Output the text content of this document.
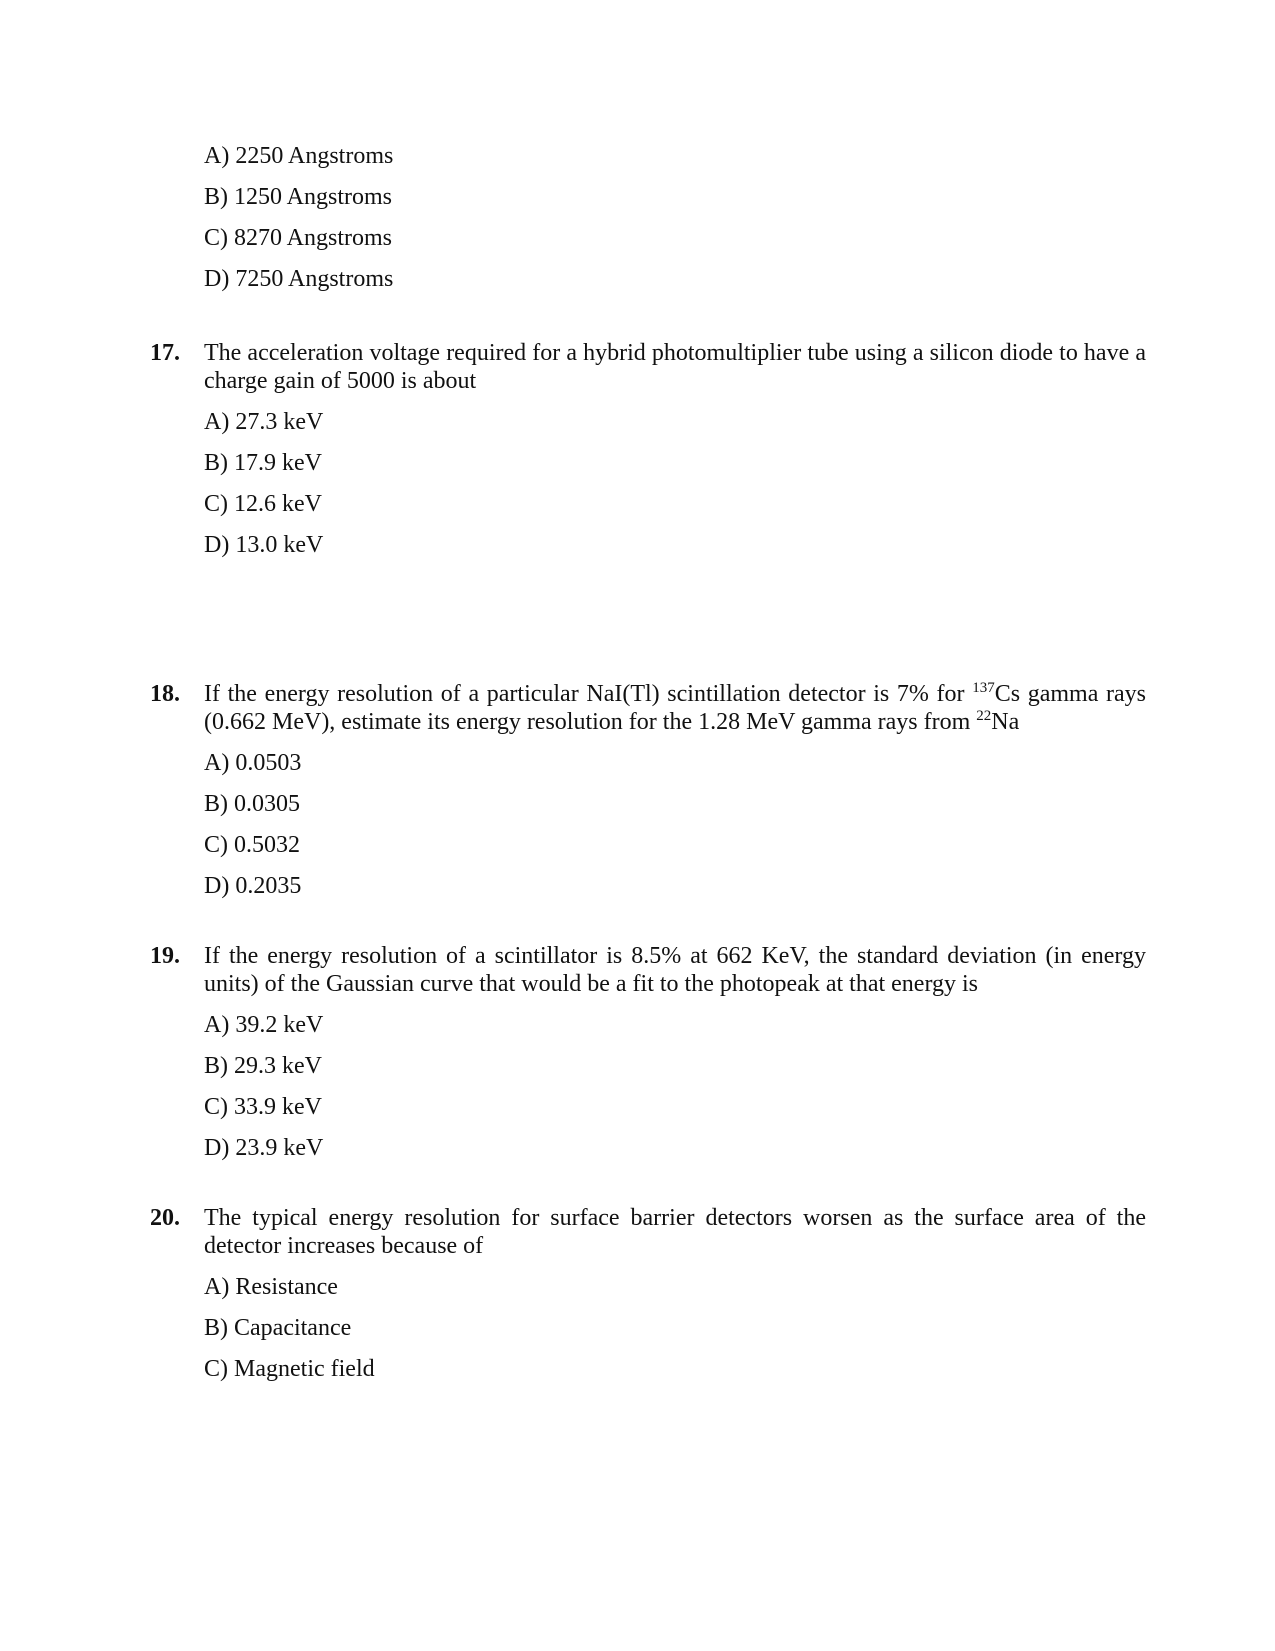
A) 2250 Angstroms
B) 1250 Angstroms
C) 8270 Angstroms
D) 7250 Angstroms
17.	The acceleration voltage required for a hybrid photomultiplier tube using a silicon diode to have a charge gain of 5000 is about
A) 27.3 keV
B) 17.9 keV
C) 12.6 keV
D) 13.0 keV
18.	If the energy resolution of a particular NaI(Tl) scintillation detector is 7% for $^{137}$Cs gamma rays (0.662 MeV), estimate its energy resolution for the 1.28 MeV gamma rays from $^{22}$Na
A) 0.0503
B) 0.0305
C) 0.5032
D) 0.2035
19.	If the energy resolution of a scintillator is 8.5% at 662 KeV, the standard deviation (in energy units) of the Gaussian curve that would be a fit to the photopeak at that energy is
A) 39.2 keV
B) 29.3 keV
C) 33.9 keV
D) 23.9 keV
20.	The typical energy resolution for surface barrier detectors worsen as the surface area of the detector increases because of
A) Resistance
B) Capacitance
C) Magnetic field
